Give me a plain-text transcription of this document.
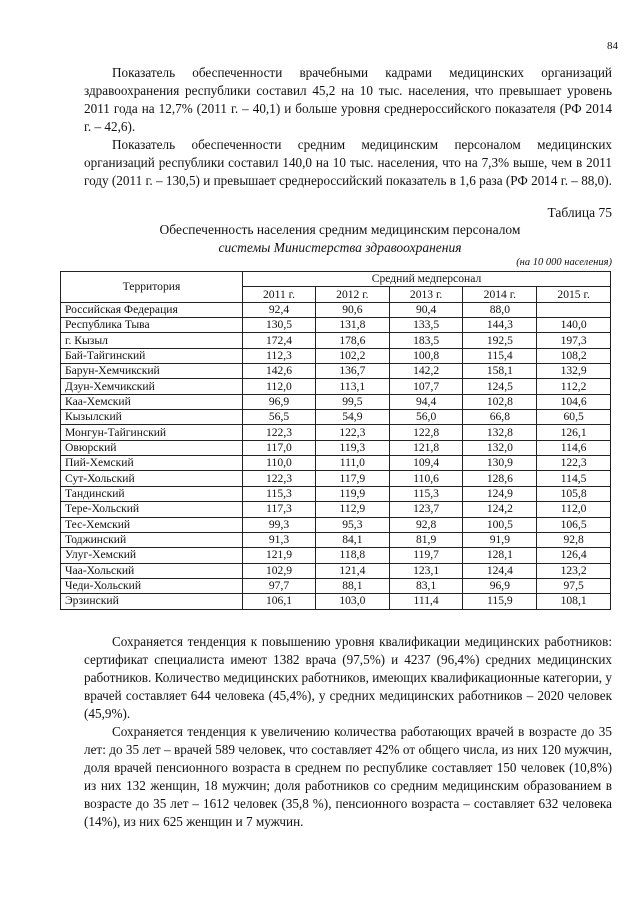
84

Показатель обеспеченности врачебными кадрами медицинских организаций здравоохранения республики составил 45,2 на 10 тыс. населения, что превышает уровень 2011 года на 12,7% (2011 г. – 40,1) и больше уровня среднероссийского показателя (РФ 2014 г. – 42,6).

Показатель обеспеченности средним медицинским персоналом медицинских организаций республики составил 140,0 на 10 тыс. населения, что на 7,3% выше, чем в 2011 году (2011 г. – 130,5) и превышает среднероссийский показатель в 1,6 раза (РФ 2014 г. – 88,0).

Таблица 75
Обеспеченность населения средним медицинским персоналом
системы Министерства здравоохранения
(на 10 000 населения)
Территория	Средний медперсонал				
	2011 г.	2012 г.	2013 г.	2014 г.	2015 г.
Российская Федерация	92,4	90,6	90,4	88,0	
Республика Тыва	130,5	131,8	133,5	144,3	140,0
г. Кызыл	172,4	178,6	183,5	192,5	197,3
Бай-Тайгинский	112,3	102,2	100,8	115,4	108,2
Барун-Хемчикский	142,6	136,7	142,2	158,1	132,9
Дзун-Хемчикский	112,0	113,1	107,7	124,5	112,2
Каа-Хемский	96,9	99,5	94,4	102,8	104,6
Кызылский	56,5	54,9	56,0	66,8	60,5
Монгун-Тайгинский	122,3	122,3	122,8	132,8	126,1
Овюрский	117,0	119,3	121,8	132,0	114,6
Пий-Хемский	110,0	111,0	109,4	130,9	122,3
Сут-Хольский	122,3	117,9	110,6	128,6	114,5
Тандинский	115,3	119,9	115,3	124,9	105,8
Тере-Хольский	117,3	112,9	123,7	124,2	112,0
Тес-Хемский	99,3	95,3	92,8	100,5	106,5
Тоджинский	91,3	84,1	81,9	91,9	92,8
Улуг-Хемский	121,9	118,8	119,7	128,1	126,4
Чаа-Хольский	102,9	121,4	123,1	124,4	123,2
Чеди-Хольский	97,7	88,1	83,1	96,9	97,5
Эрзинский	106,1	103,0	111,4	115,9	108,1

Сохраняется тенденция к повышению уровня квалификации медицинских работников: сертификат специалиста имеют 1382 врача (97,5%) и 4237 (96,4%) средних медицинских работников. Количество медицинских работников, имеющих квалификационные категории, у врачей составляет 644 человека (45,4%), у средних медицинских работников – 2020 человек (45,9%).

Сохраняется тенденция к увеличению количества работающих врачей в возрасте до 35 лет: до 35 лет – врачей 589 человек, что составляет 42% от общего числа, из них 120 мужчин, доля врачей пенсионного возраста в среднем по республике составляет 150 человек (10,8%) из них 132 женщин, 18 мужчин; доля работников со средним медицинским образованием в возрасте до 35 лет – 1612 человек (35,8 %), пенсионного возраста – составляет 632 человека (14%), из них 625 женщин и 7 мужчин.
